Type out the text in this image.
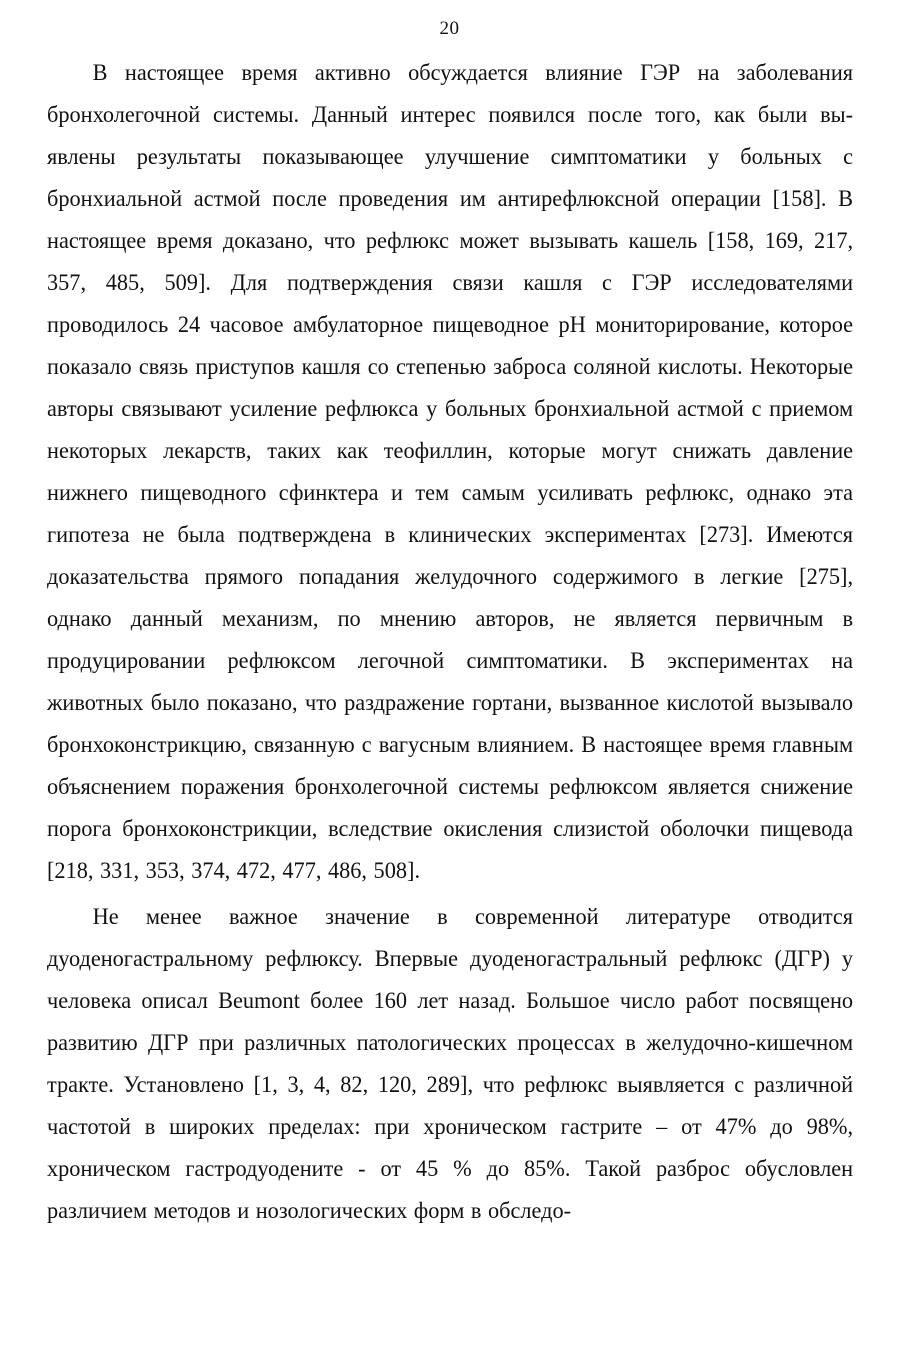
20

В настоящее время активно обсуждается влияние ГЭР на заболевания бронхолегочной системы. Данный интерес появился после того, как были выявлены результаты показывающее улучшение симптоматики у больных с бронхиальной астмой после проведения им антирефлюксной операции [158]. В настоящее время доказано, что рефлюкс может вызывать кашель [158, 169, 217, 357, 485, 509]. Для подтверждения связи кашля с ГЭР исследователями проводилось 24 часовое амбулаторное пищеводное pH мониторирование, которое показало связь приступов кашля со степенью заброса соляной кислоты. Некоторые авторы связывают усиление рефлюкса у больных бронхиальной астмой с приемом некоторых лекарств, таких как теофиллин, которые могут снижать давление нижнего пищеводного сфинктера и тем самым усиливать рефлюкс, однако эта гипотеза не была подтверждена в клинических экспериментах [273]. Имеются доказательства прямого попадания желудочного содержимого в легкие [275], однако данный механизм, по мнению авторов, не является первичным в продуцировании рефлюксом легочной симптоматики. В экспериментах на животных было показано, что раздражение гортани, вызванное кислотой вызывало бронхоконстрикцию, связанную с вагусным влиянием. В настоящее время главным объяснением поражения бронхолегочной системы рефлюксом является снижение порога бронхоконстрикции, вследствие окисления слизистой оболочки пищевода [218, 331, 353, 374, 472, 477, 486, 508].

Не менее важное значение в современной литературе отводится дуоденогастральному рефлюксу. Впервые дуоденогастральный рефлюкс (ДГР) у человека описал Beumont более 160 лет назад. Большое число работ посвящено развитию ДГР при различных патологических процессах в желудочно-кишечном тракте. Установлено [1, 3, 4, 82, 120, 289], что рефлюкс выявляется с различной частотой в широких пределах: при хроническом гастрите – от 47% до 98%, хроническом гастродуодените - от 45 % до 85%. Такой разброс обусловлен различием методов и нозологических форм в обследо-
